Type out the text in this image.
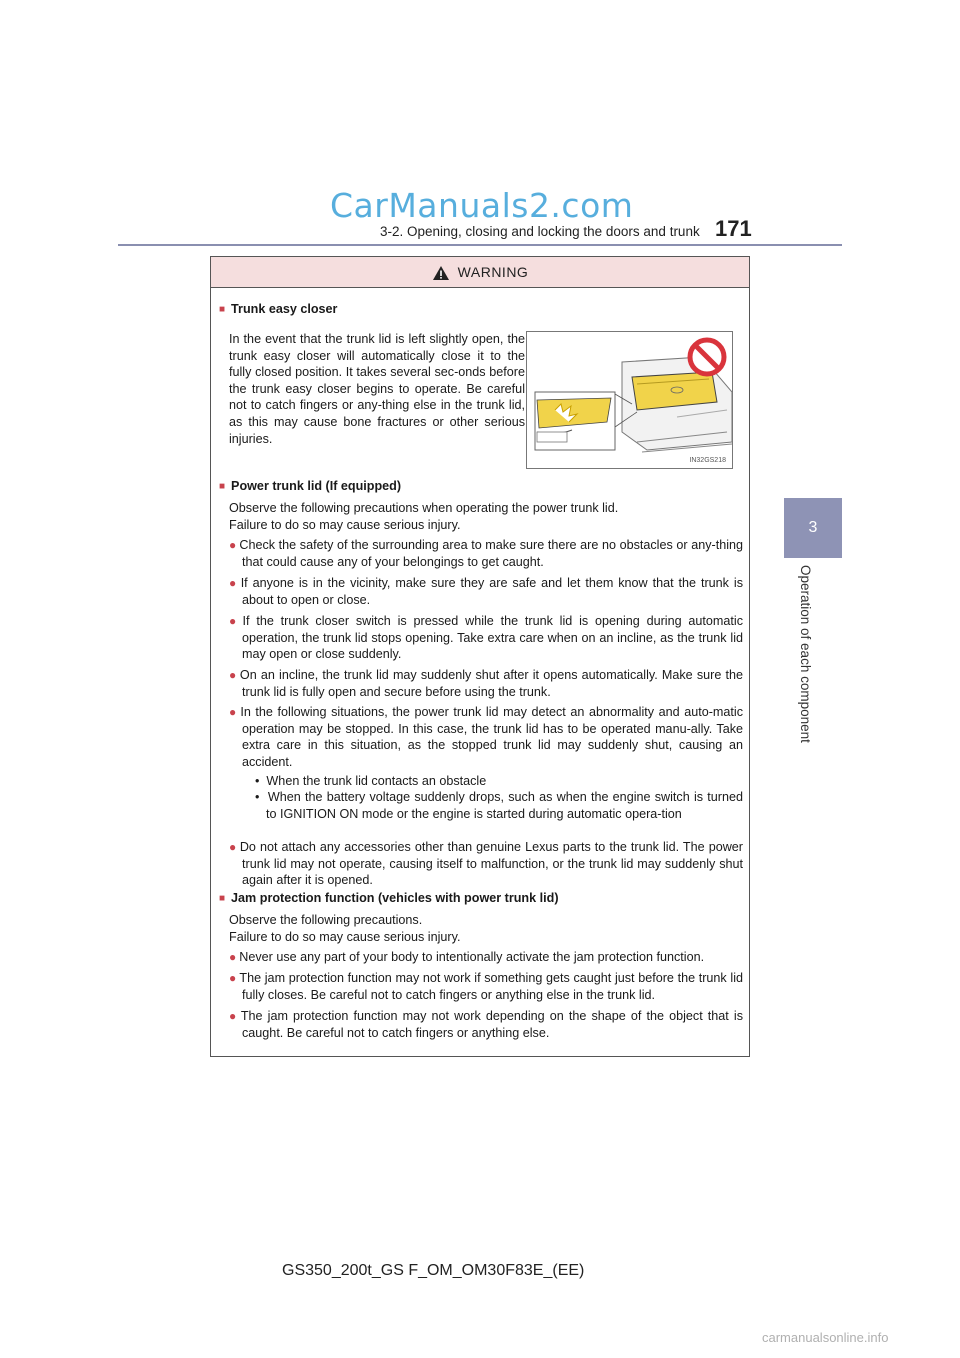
CarManuals2.com
3-2. Opening, closing and locking the doors and trunk 171
3
Operation of each component
WARNING
■ Trunk easy closer
In the event that the trunk lid is left slightly open, the trunk easy closer will automatically close it to the fully closed position. It takes several sec-onds before the trunk easy closer begins to operate. Be careful not to catch fingers or any-thing else in the trunk lid, as this may cause bone fractures or other serious injuries.
IN32GS218
■ Power trunk lid (If equipped)
Observe the following precautions when operating the power trunk lid.
Failure to do so may cause serious injury.
● Check the safety of the surrounding area to make sure there are no obstacles or any-thing that could cause any of your belongings to get caught.
● If anyone is in the vicinity, make sure they are safe and let them know that the trunk is about to open or close.
● If the trunk closer switch is pressed while the trunk lid is opening during automatic operation, the trunk lid stops opening. Take extra care when on an incline, as the trunk lid may open or close suddenly.
● On an incline, the trunk lid may suddenly shut after it opens automatically. Make sure the trunk lid is fully open and secure before using the trunk.
● In the following situations, the power trunk lid may detect an abnormality and auto-matic operation may be stopped. In this case, the trunk lid has to be operated manu-ally. Take extra care in this situation, as the stopped trunk lid may suddenly shut, causing an accident.
•  When the trunk lid contacts an obstacle
•  When the battery voltage suddenly drops, such as when the engine switch is turned to IGNITION ON mode or the engine is started during automatic opera-tion
● Do not attach any accessories other than genuine Lexus parts to the trunk lid. The power trunk lid may not operate, causing itself to malfunction, or the trunk lid may suddenly shut again after it is opened.
■ Jam protection function (vehicles with power trunk lid)
Observe the following precautions.
Failure to do so may cause serious injury.
● Never use any part of your body to intentionally activate the jam protection function.
● The jam protection function may not work if something gets caught just before the trunk lid fully closes. Be careful not to catch fingers or anything else in the trunk lid.
● The jam protection function may not work depending on the shape of the object that is caught. Be careful not to catch fingers or anything else.
GS350_200t_GS F_OM_OM30F83E_(EE)
carmanualsonline.info
